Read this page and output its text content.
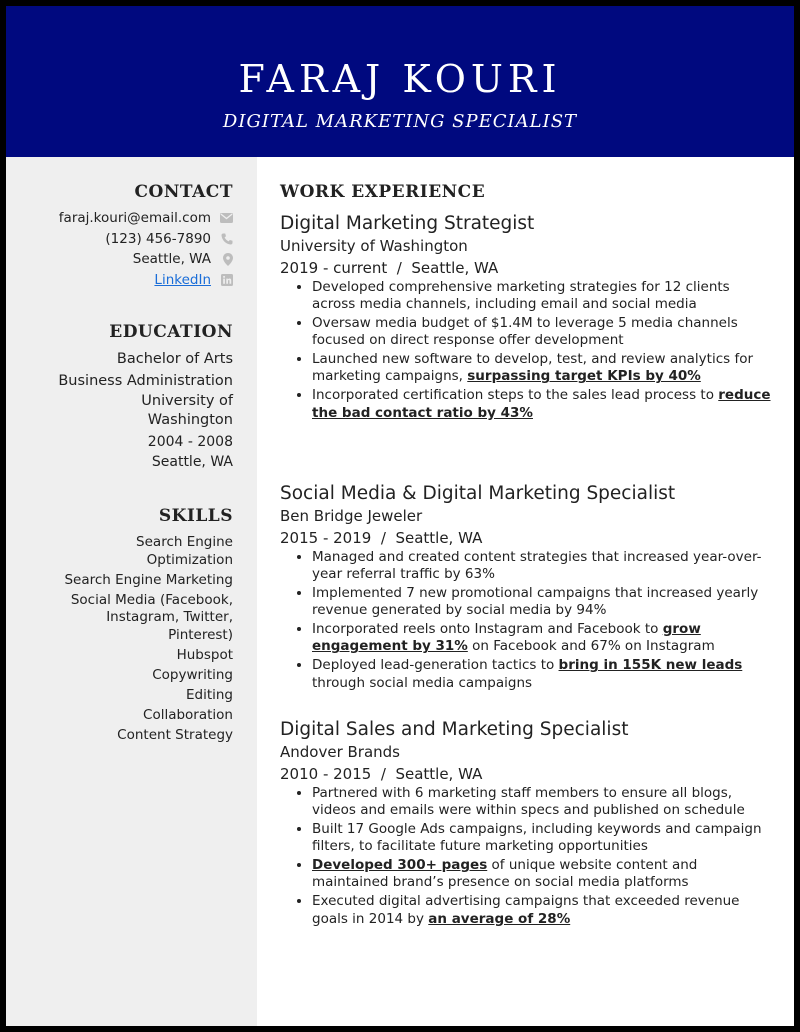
FARAJ KOURI
DIGITAL MARKETING SPECIALIST
CONTACT
faraj.kouri@email.com
(123) 456-7890
Seattle, WA
LinkedIn
EDUCATION
Bachelor of Arts
Business Administration
University of Washington
2004 - 2008
Seattle, WA
SKILLS
Search Engine Optimization
Search Engine Marketing
Social Media (Facebook, Instagram, Twitter, Pinterest)
Hubspot
Copywriting
Editing
Collaboration
Content Strategy
WORK EXPERIENCE
Digital Marketing Strategist
University of Washington
2019 - current / Seattle, WA
• Developed comprehensive marketing strategies for 12 clients across media channels, including email and social media
• Oversaw media budget of $1.4M to leverage 5 media channels focused on direct response offer development
• Launched new software to develop, test, and review analytics for marketing campaigns, surpassing target KPIs by 40%
• Incorporated certification steps to the sales lead process to reduce the bad contact ratio by 43%
Social Media & Digital Marketing Specialist
Ben Bridge Jeweler
2015 - 2019 / Seattle, WA
• Managed and created content strategies that increased year-over-year referral traffic by 63%
• Implemented 7 new promotional campaigns that increased yearly revenue generated by social media by 94%
• Incorporated reels onto Instagram and Facebook to grow engagement by 31% on Facebook and 67% on Instagram
• Deployed lead-generation tactics to bring in 155K new leads through social media campaigns
Digital Sales and Marketing Specialist
Andover Brands
2010 - 2015 / Seattle, WA
• Partnered with 6 marketing staff members to ensure all blogs, videos and emails were within specs and published on schedule
• Built 17 Google Ads campaigns, including keywords and campaign filters, to facilitate future marketing opportunities
• Developed 300+ pages of unique website content and maintained brand’s presence on social media platforms
• Executed digital advertising campaigns that exceeded revenue goals in 2014 by an average of 28%
